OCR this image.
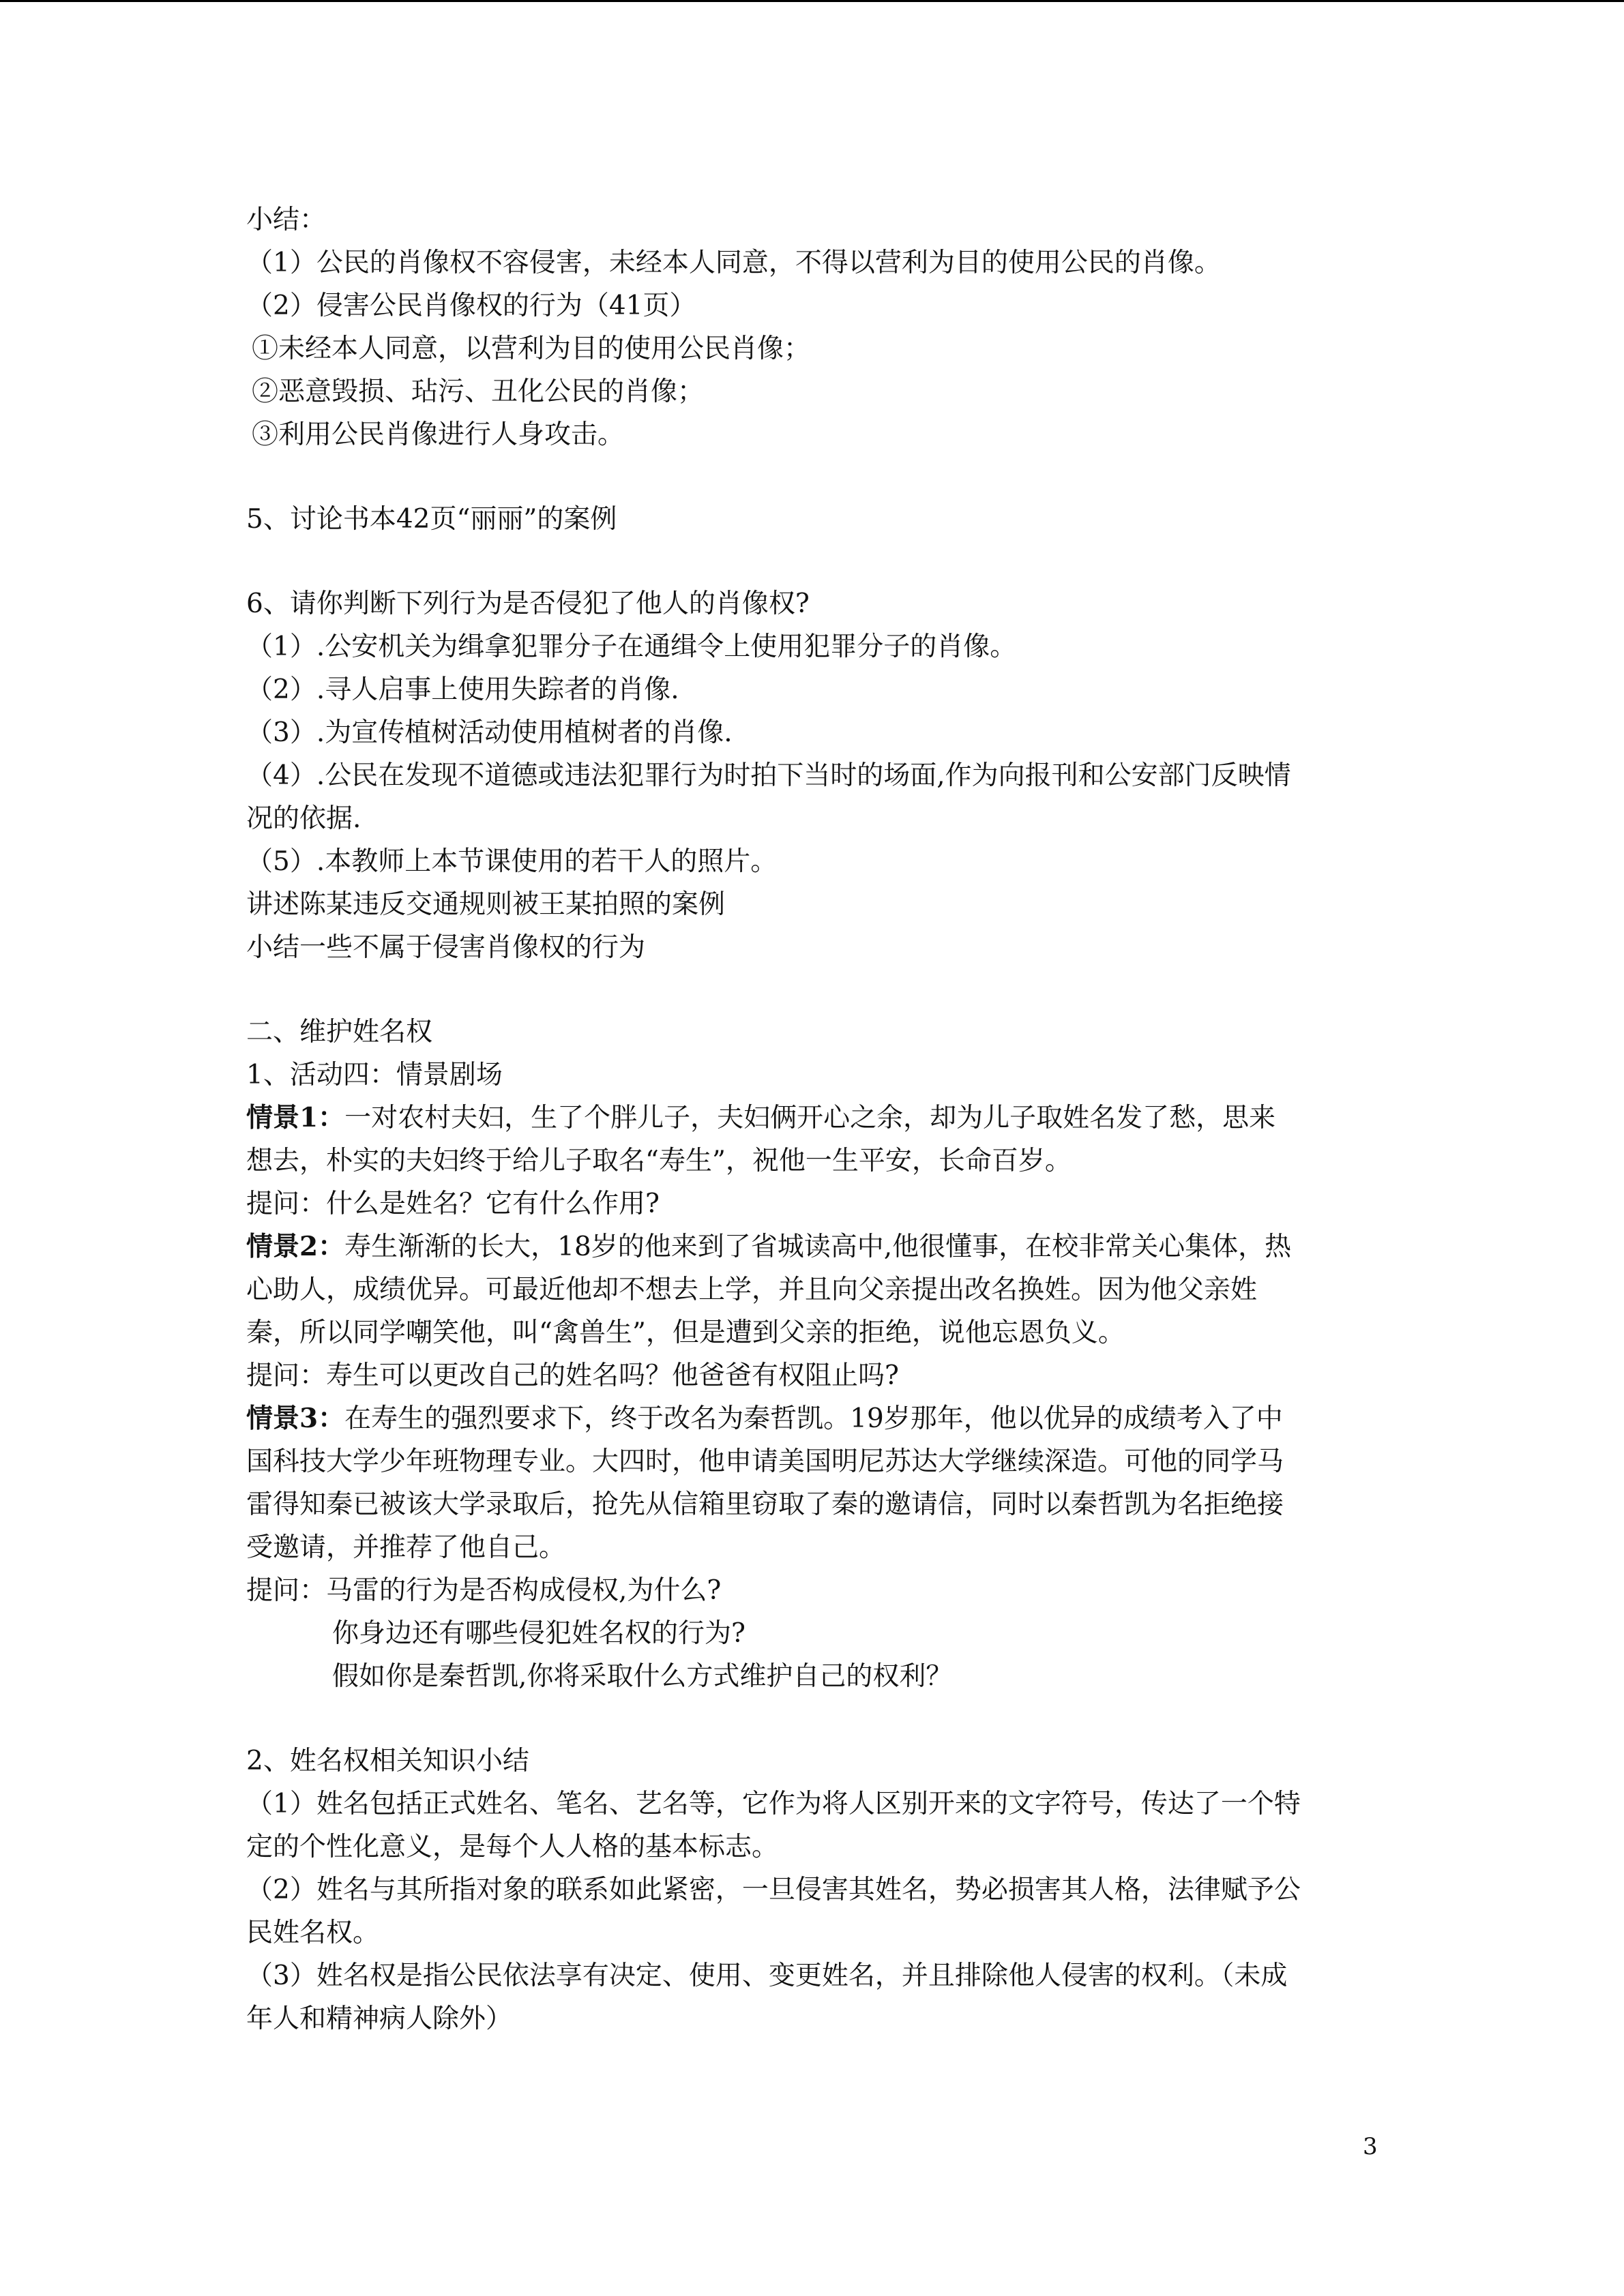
小结：
（1）公民的肖像权不容侵害，未经本人同意，不得以营利为目的使用公民的肖像。
（2）侵害公民肖像权的行为（41页）
①未经本人同意，以营利为目的使用公民肖像；
②恶意毁损、玷污、丑化公民的肖像；
③利用公民肖像进行人身攻击。
5、讨论书本42页“丽丽”的案例
6、请你判断下列行为是否侵犯了他人的肖像权?
（1）.公安机关为缉拿犯罪分子在通缉令上使用犯罪分子的肖像。
（2）.寻人启事上使用失踪者的肖像.
（3）.为宣传植树活动使用植树者的肖像.
（4）.公民在发现不道德或违法犯罪行为时拍下当时的场面,作为向报刊和公安部门反映情
况的依据.
（5）.本教师上本节课使用的若干人的照片。
讲述陈某违反交通规则被王某拍照的案例
小结一些不属于侵害肖像权的行为
二、维护姓名权
1、活动四：情景剧场
情景1：一对农村夫妇，生了个胖儿子，夫妇俩开心之余，却为儿子取姓名发了愁，思来
想去，朴实的夫妇终于给儿子取名“寿生”，祝他一生平安，长命百岁。
提问：什么是姓名？它有什么作用?
情景2：寿生渐渐的长大，18岁的他来到了省城读高中,他很懂事，在校非常关心集体，热
心助人，成绩优异。可最近他却不想去上学，并且向父亲提出改名换姓。因为他父亲姓
秦，所以同学嘲笑他，叫“禽兽生”，但是遭到父亲的拒绝，说他忘恩负义。
提问：寿生可以更改自己的姓名吗？他爸爸有权阻止吗?
情景3：在寿生的强烈要求下，终于改名为秦哲凯。19岁那年，他以优异的成绩考入了中
国科技大学少年班物理专业。大四时，他申请美国明尼苏达大学继续深造。可他的同学马
雷得知秦已被该大学录取后，抢先从信箱里窃取了秦的邀请信，同时以秦哲凯为名拒绝接
受邀请，并推荐了他自己。
提问：马雷的行为是否构成侵权,为什么?
你身边还有哪些侵犯姓名权的行为?
假如你是秦哲凯,你将采取什么方式维护自己的权利？
2、姓名权相关知识小结
（1）姓名包括正式姓名、笔名、艺名等，它作为将人区别开来的文字符号，传达了一个特
定的个性化意义，是每个人人格的基本标志。
（2）姓名与其所指对象的联系如此紧密，一旦侵害其姓名，势必损害其人格，法律赋予公
民姓名权。
（3）姓名权是指公民依法享有决定、使用、变更姓名，并且排除他人侵害的权利。（未成
年人和精神病人除外）
3
